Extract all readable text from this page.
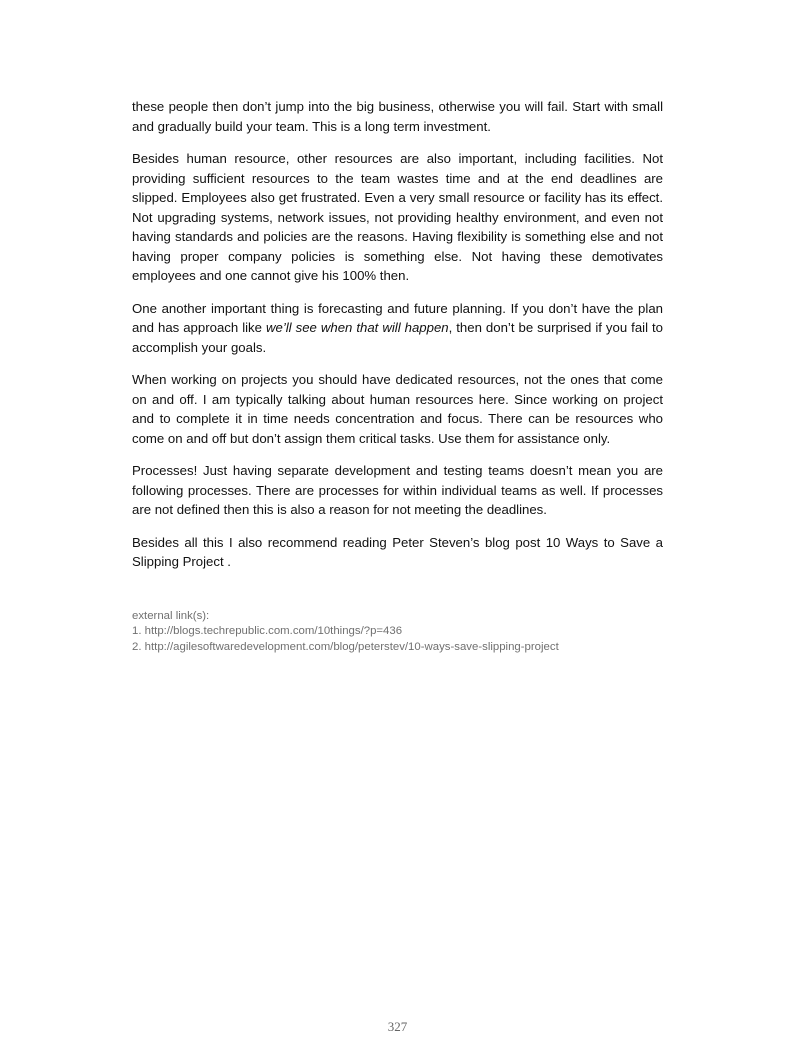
these people then don’t jump into the big business, otherwise you will fail. Start with small and gradually build your team. This is a long term investment.

Besides human resource, other resources are also important, including facilities. Not providing sufficient resources to the team wastes time and at the end deadlines are slipped. Employees also get frustrated. Even a very small resource or facility has its effect. Not upgrading systems, network issues, not providing healthy environment, and even not having standards and policies are the reasons. Having flexibility is something else and not having proper company policies is something else. Not having these demotivates employees and one cannot give his 100% then.

One another important thing is forecasting and future planning. If you don’t have the plan and has approach like we’ll see when that will happen, then don’t be surprised if you fail to accomplish your goals.

When working on projects you should have dedicated resources, not the ones that come on and off. I am typically talking about human resources here. Since working on project and to complete it in time needs concentration and focus. There can be resources who come on and off but don’t assign them critical tasks. Use them for assistance only.

Processes! Just having separate development and testing teams doesn’t mean you are following processes. There are processes for within individual teams as well. If processes are not defined then this is also a reason for not meeting the deadlines.

Besides all this I also recommend reading Peter Steven’s blog post 10 Ways to Save a Slipping Project .

external link(s):
1. http://blogs.techrepublic.com.com/10things/?p=436
2. http://agilesoftwaredevelopment.com/blog/peterstev/10-ways-save-slipping-project
327
